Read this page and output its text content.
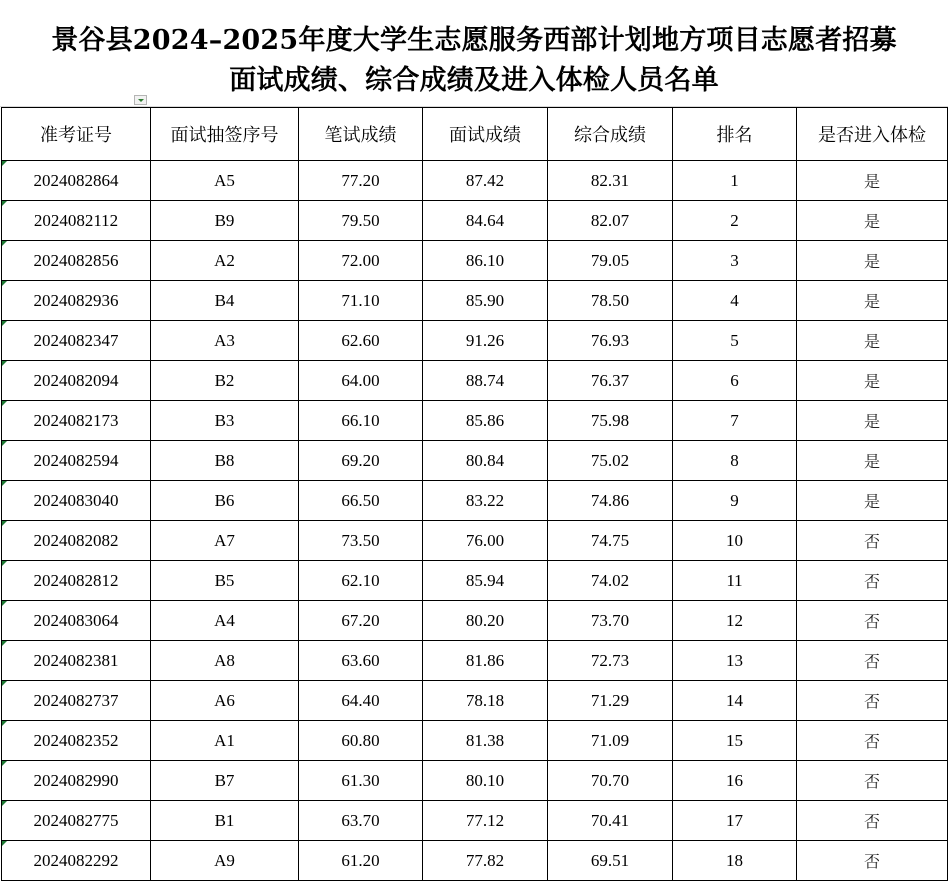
景谷县2024–2025年度大学生志愿服务西部计划地方项目志愿者招募
面试成绩、综合成绩及进入体检人员名单
准考证号	面试抽签序号	笔试成绩	面试成绩	综合成绩	排名	是否进入体检
2024082864	A5	77.20	87.42	82.31	1	是
2024082112	B9	79.50	84.64	82.07	2	是
2024082856	A2	72.00	86.10	79.05	3	是
2024082936	B4	71.10	85.90	78.50	4	是
2024082347	A3	62.60	91.26	76.93	5	是
2024082094	B2	64.00	88.74	76.37	6	是
2024082173	B3	66.10	85.86	75.98	7	是
2024082594	B8	69.20	80.84	75.02	8	是
2024083040	B6	66.50	83.22	74.86	9	是
2024082082	A7	73.50	76.00	74.75	10	否
2024082812	B5	62.10	85.94	74.02	11	否
2024083064	A4	67.20	80.20	73.70	12	否
2024082381	A8	63.60	81.86	72.73	13	否
2024082737	A6	64.40	78.18	71.29	14	否
2024082352	A1	60.80	81.38	71.09	15	否
2024082990	B7	61.30	80.10	70.70	16	否
2024082775	B1	63.70	77.12	70.41	17	否
2024082292	A9	61.20	77.82	69.51	18	否
